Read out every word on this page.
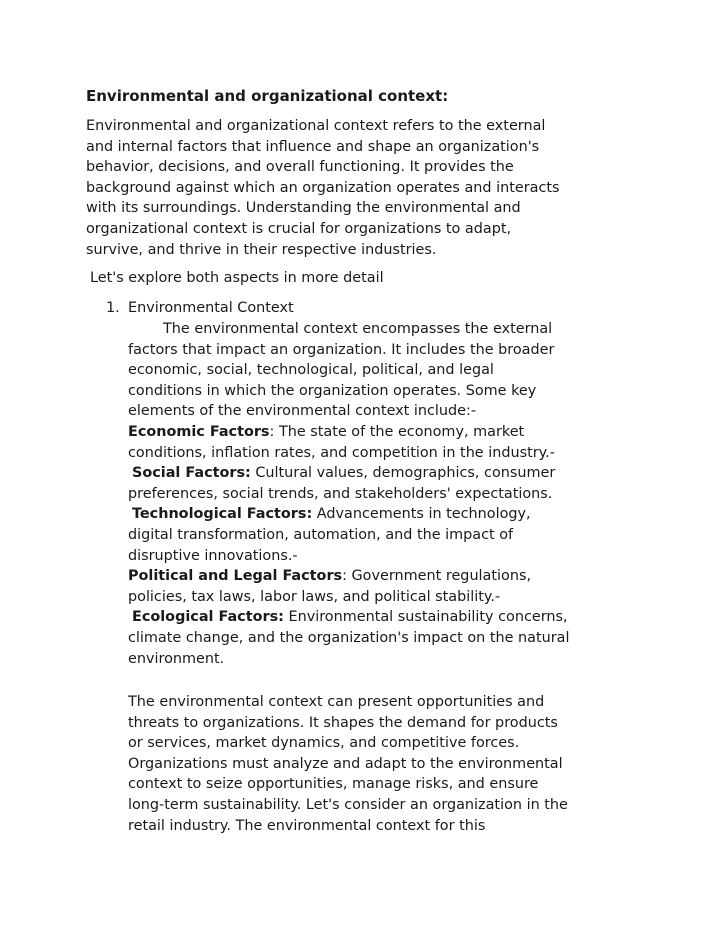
Environmental and organizational context:
Environmental and organizational context refers to the external
and internal factors that influence and shape an organization's
behavior, decisions, and overall functioning. It provides the
background against which an organization operates and interacts
with its surroundings. Understanding the environmental and
organizational context is crucial for organizations to adapt,
survive, and thrive in their respective industries.
Let's explore both aspects in more detail
1. Environmental Context
The environmental context encompasses the external
factors that impact an organization. It includes the broader
economic, social, technological, political, and legal
conditions in which the organization operates. Some key
elements of the environmental context include:-
Economic Factors: The state of the economy, market
conditions, inflation rates, and competition in the industry.-
Social Factors: Cultural values, demographics, consumer
preferences, social trends, and stakeholders' expectations.
Technological Factors: Advancements in technology,
digital transformation, automation, and the impact of
disruptive innovations.-
Political and Legal Factors: Government regulations,
policies, tax laws, labor laws, and political stability.-
Ecological Factors: Environmental sustainability concerns,
climate change, and the organization's impact on the natural
environment.
The environmental context can present opportunities and
threats to organizations. It shapes the demand for products
or services, market dynamics, and competitive forces.
Organizations must analyze and adapt to the environmental
context to seize opportunities, manage risks, and ensure
long-term sustainability. Let's consider an organization in the
retail industry. The environmental context for this
